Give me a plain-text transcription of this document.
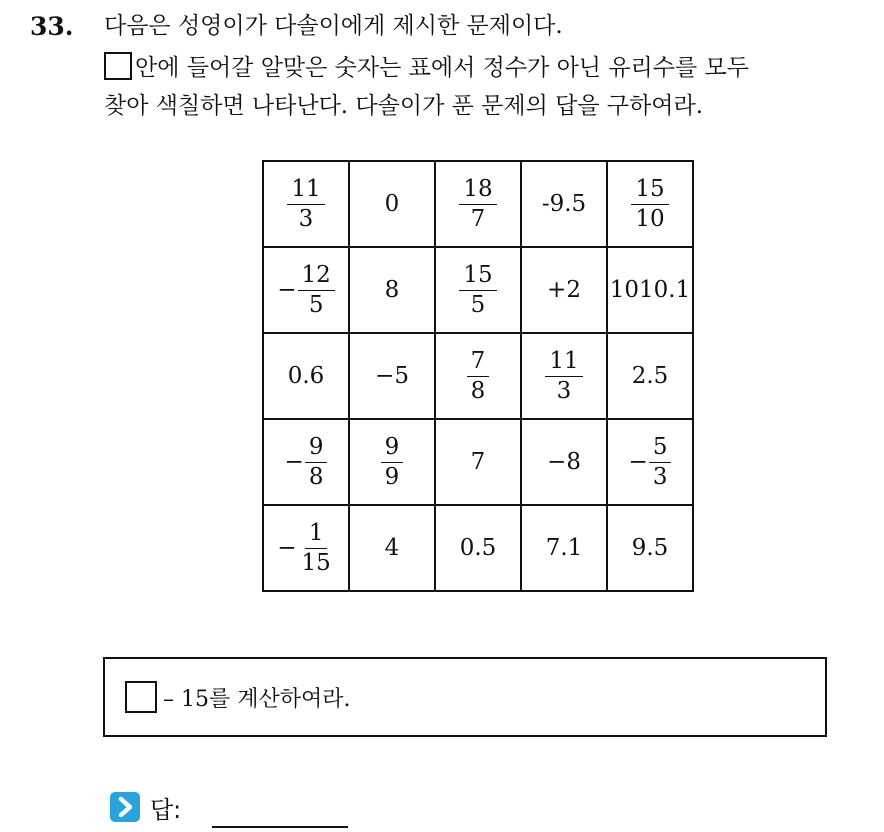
33. 다음은 성영이가 다솔이에게 제시한 문제이다.
안에 들어갈 알맞은 숫자는 표에서 정수가 아닌 유리수를 모두
찾아 색칠하면 나타난다. 다솔이가 푼 문제의 답을 구하여라.
$\frac{11}{3}$	0	$\frac{18}{7}$	-9.5	$\frac{15}{10}$

− $\frac{12}{5}$	8	$\frac{15}{5}$	+2	1010.1
0.6	−5	$\frac{7}{8}$	$\frac{11}{3}$	2.5
− $\frac{9}{8}$	$\frac{9}{9}$	7	−8	− $\frac{5}{3}$

− $\frac{1}{15}$	4	0.5	7.1	9.5
– 15를 계산하여라.
답:
